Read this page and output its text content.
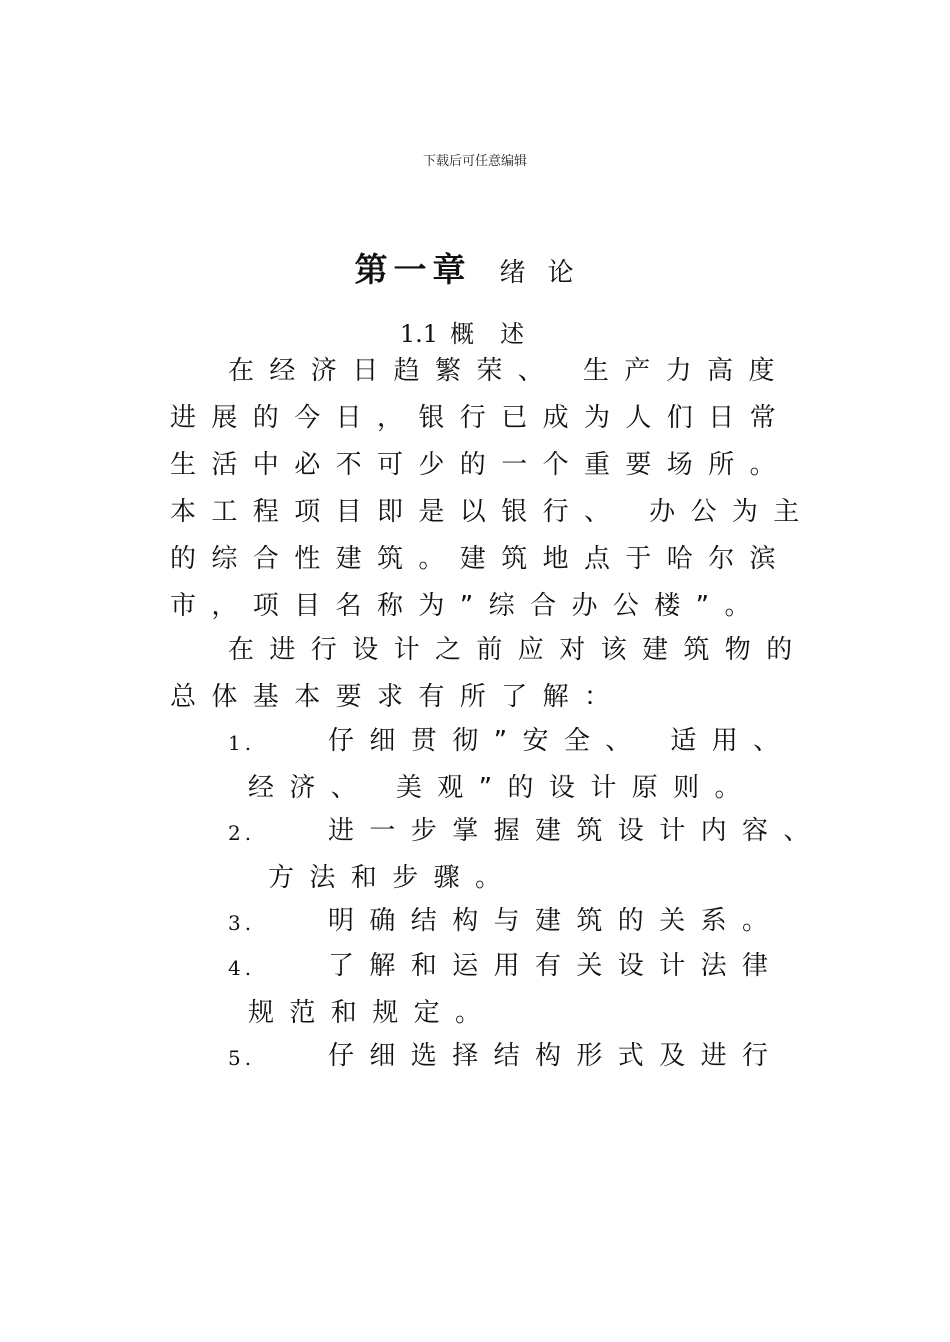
下载后可任意编辑
第一章 绪论
1.1 概述
在经济日趋繁荣、 生产力高度
进展的今日，银行已成为人们日常
生活中必不可少的一个重要场所。
本工程项目即是以银行、 办公为主
的综合性建筑。建筑地点于哈尔滨
市，项目名称为”综合办公楼”。
在进行设计之前应对该建筑物的
总体基本要求有所了解：
1.	仔细贯彻”安全、 适用、
经济、 美观”的设计原则。
2.	进一步掌握建筑设计内容、
方法和步骤。
3.	明确结构与建筑的关系。
4.	了解和运用有关设计法律
规范和规定。
5.	仔细选择结构形式及进行
